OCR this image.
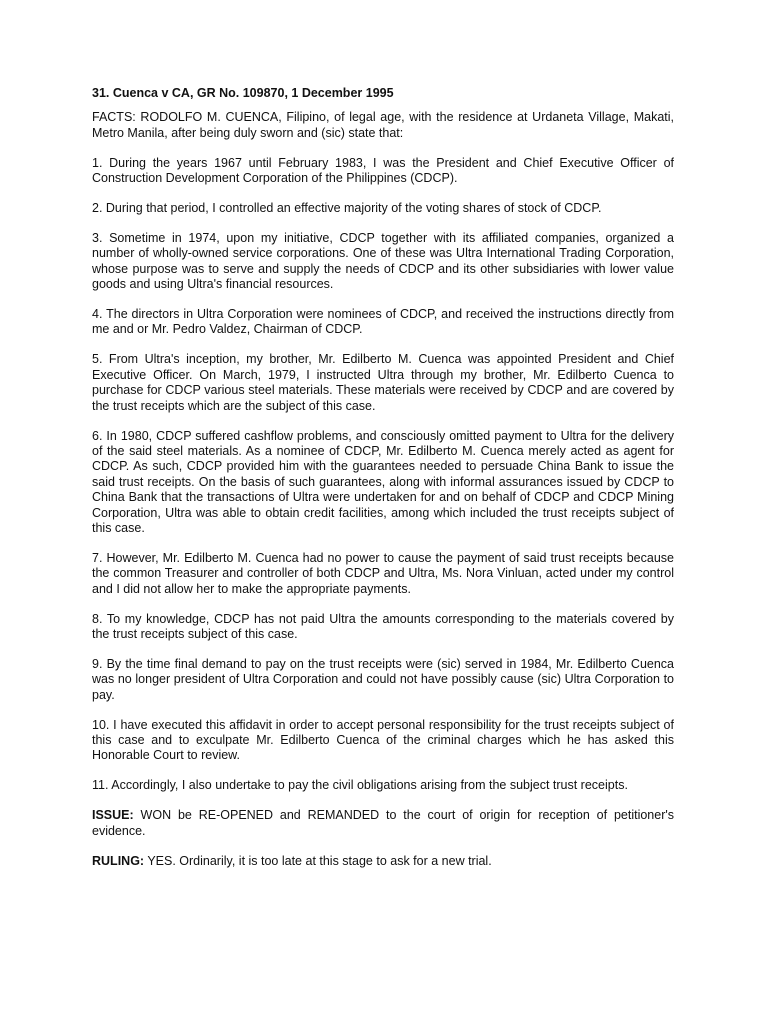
31. Cuenca v CA, GR No. 109870, 1 December 1995

FACTS: RODOLFO M. CUENCA, Filipino, of legal age, with the residence at Urdaneta Village, Makati, Metro Manila, after being duly sworn and (sic) state that:

1. During the years 1967 until February 1983, I was the President and Chief Executive Officer of Construction Development Corporation of the Philippines (CDCP).

2. During that period, I controlled an effective majority of the voting shares of stock of CDCP.

3. Sometime in 1974, upon my initiative, CDCP together with its affiliated companies, organized a number of wholly-owned service corporations. One of these was Ultra International Trading Corporation, whose purpose was to serve and supply the needs of CDCP and its other subsidiaries with lower value goods and using Ultra's financial resources.

4. The directors in Ultra Corporation were nominees of CDCP, and received the instructions directly from me and or Mr. Pedro Valdez, Chairman of CDCP.

5. From Ultra's inception, my brother, Mr. Edilberto M. Cuenca was appointed President and Chief Executive Officer. On March, 1979, I instructed Ultra through my brother, Mr. Edilberto Cuenca to purchase for CDCP various steel materials. These materials were received by CDCP and are covered by the trust receipts which are the subject of this case.

6. In 1980, CDCP suffered cashflow problems, and consciously omitted payment to Ultra for the delivery of the said steel materials. As a nominee of CDCP, Mr. Edilberto M. Cuenca merely acted as agent for CDCP. As such, CDCP provided him with the guarantees needed to persuade China Bank to issue the said trust receipts. On the basis of such guarantees, along with informal assurances issued by CDCP to China Bank that the transactions of Ultra were undertaken for and on behalf of CDCP and CDCP Mining Corporation, Ultra was able to obtain credit facilities, among which included the trust receipts subject of this case.

7. However, Mr. Edilberto M. Cuenca had no power to cause the payment of said trust receipts because the common Treasurer and controller of both CDCP and Ultra, Ms. Nora Vinluan, acted under my control and I did not allow her to make the appropriate payments.

8. To my knowledge, CDCP has not paid Ultra the amounts corresponding to the materials covered by the trust receipts subject of this case.

9. By the time final demand to pay on the trust receipts were (sic) served in 1984, Mr. Edilberto Cuenca was no longer president of Ultra Corporation and could not have possibly cause (sic) Ultra Corporation to pay.

10. I have executed this affidavit in order to accept personal responsibility for the trust receipts subject of this case and to exculpate Mr. Edilberto Cuenca of the criminal charges which he has asked this Honorable Court to review.

11. Accordingly, I also undertake to pay the civil obligations arising from the subject trust receipts.

ISSUE: WON be RE-OPENED and REMANDED to the court of origin for reception of petitioner's evidence.

RULING: YES. Ordinarily, it is too late at this stage to ask for a new trial.
